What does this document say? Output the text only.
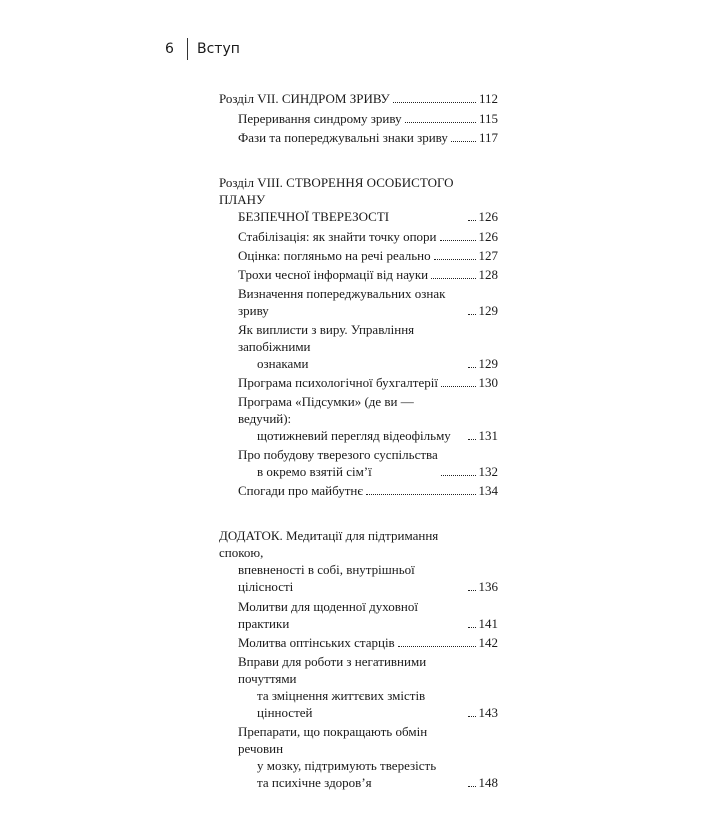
6	Вступ
Розділ VII. СИНДРОМ ЗРИВУ	112
Переривання синдрому зриву	115
Фази та попереджувальні знаки зриву 117
Розділ VIII. СТВОРЕННЯ ОСОБИСТОГО ПЛАНУ
БЕЗПЕЧНОЇ ТВЕРЕЗОСТІ	126
Стабілізація: як знайти точку опори	126
Оцінка: погляньмо на речі реально	127
Трохи чесної інформації від науки	128
Визначення попереджувальних ознак зриву	129
Як виплисти з виру. Управління запобіжними
ознаками	129
Програма психологічної бухгалтерії	130
Програма «Підсумки» (де ви — ведучий):
щотижневий перегляд відеофільму	131
Про побудову тверезого суспільства
в окремо взятій сім’ї	132
Спогади про майбутнє	134
ДОДАТОК. Медитації для підтримання спокою,
впевненості в собі, внутрішньої
цілісності	136
Молитви для щоденної духовної практики	141
Молитва оптінських старців	142
Вправи для роботи з негативними почуттями
та зміцнення життєвих змістів цінностей	143
Препарати, що покращають обмін речовин
у мозку, підтримують тверезість
та психічне здоров’я	148
